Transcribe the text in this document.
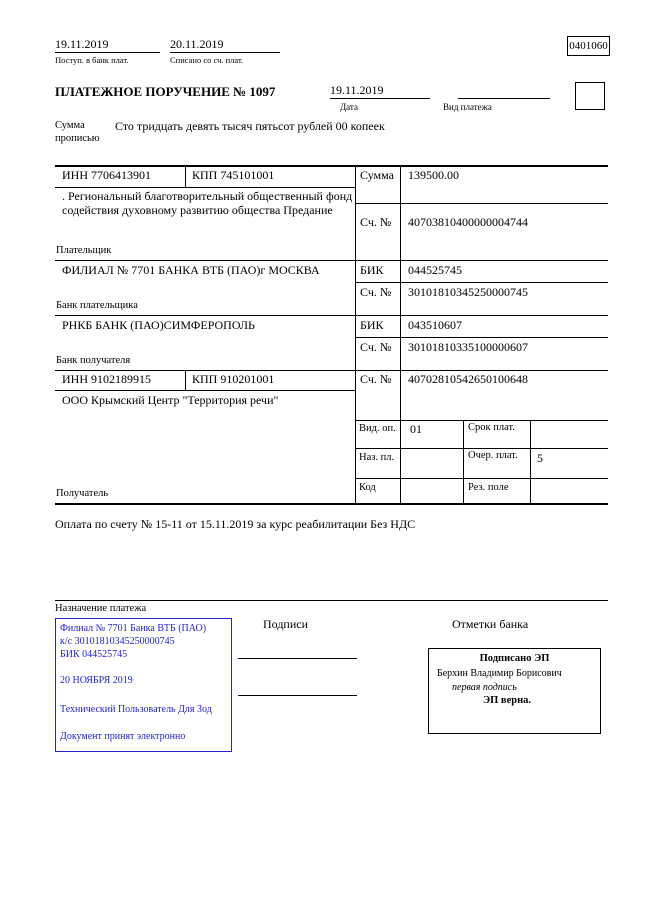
19.11.2019
Поступ. в банк плат.
20.11.2019
Списано со сч. плат.
0401060
ПЛАТЕЖНОЕ ПОРУЧЕНИЕ № 1097	19.11.2019
Дата	Вид платежа
Сумма прописью
Сто тридцать девять тысяч пятьсот рублей 00 копеек
ИНН 7706413901	КПП 745101001	Сумма 139500.00
. Региональный благотворительный общественный фонд содействия духовному развитию общества Предание
Сч. № 40703810400000004744
Плательщик
ФИЛИАЛ № 7701 БАНКА ВТБ (ПАО)г МОСКВА	БИК 044525745
Сч. № 30101810345250000745
Банк плательщика
РНКБ БАНК (ПАО)СИМФЕРОПОЛЬ	БИК 043510607
Сч. № 30101810335100000607
Банк получателя
ИНН 9102189915	КПП 910201001	Сч. № 40702810542650100648
ООО Крымский Центр "Территория речи"
Получатель
Вид. оп. 01	Срок плат.
Наз. пл.	Очер. плат. 5
Код	Рез. поле
Оплата по счету № 15-11 от 15.11.2019 за курс реабилитации Без НДС
Назначение платежа
Филиал № 7701 Банка ВТБ (ПАО)
к/с 30101810345250000745
БИК 044525745
20 НОЯБРЯ 2019
Технический Пользователь Для Зод
Документ принят электронно
Подписи	Отметки банка
Подписано ЭП
Берхин Владимир Борисович
первая подпись
ЭП верна.
